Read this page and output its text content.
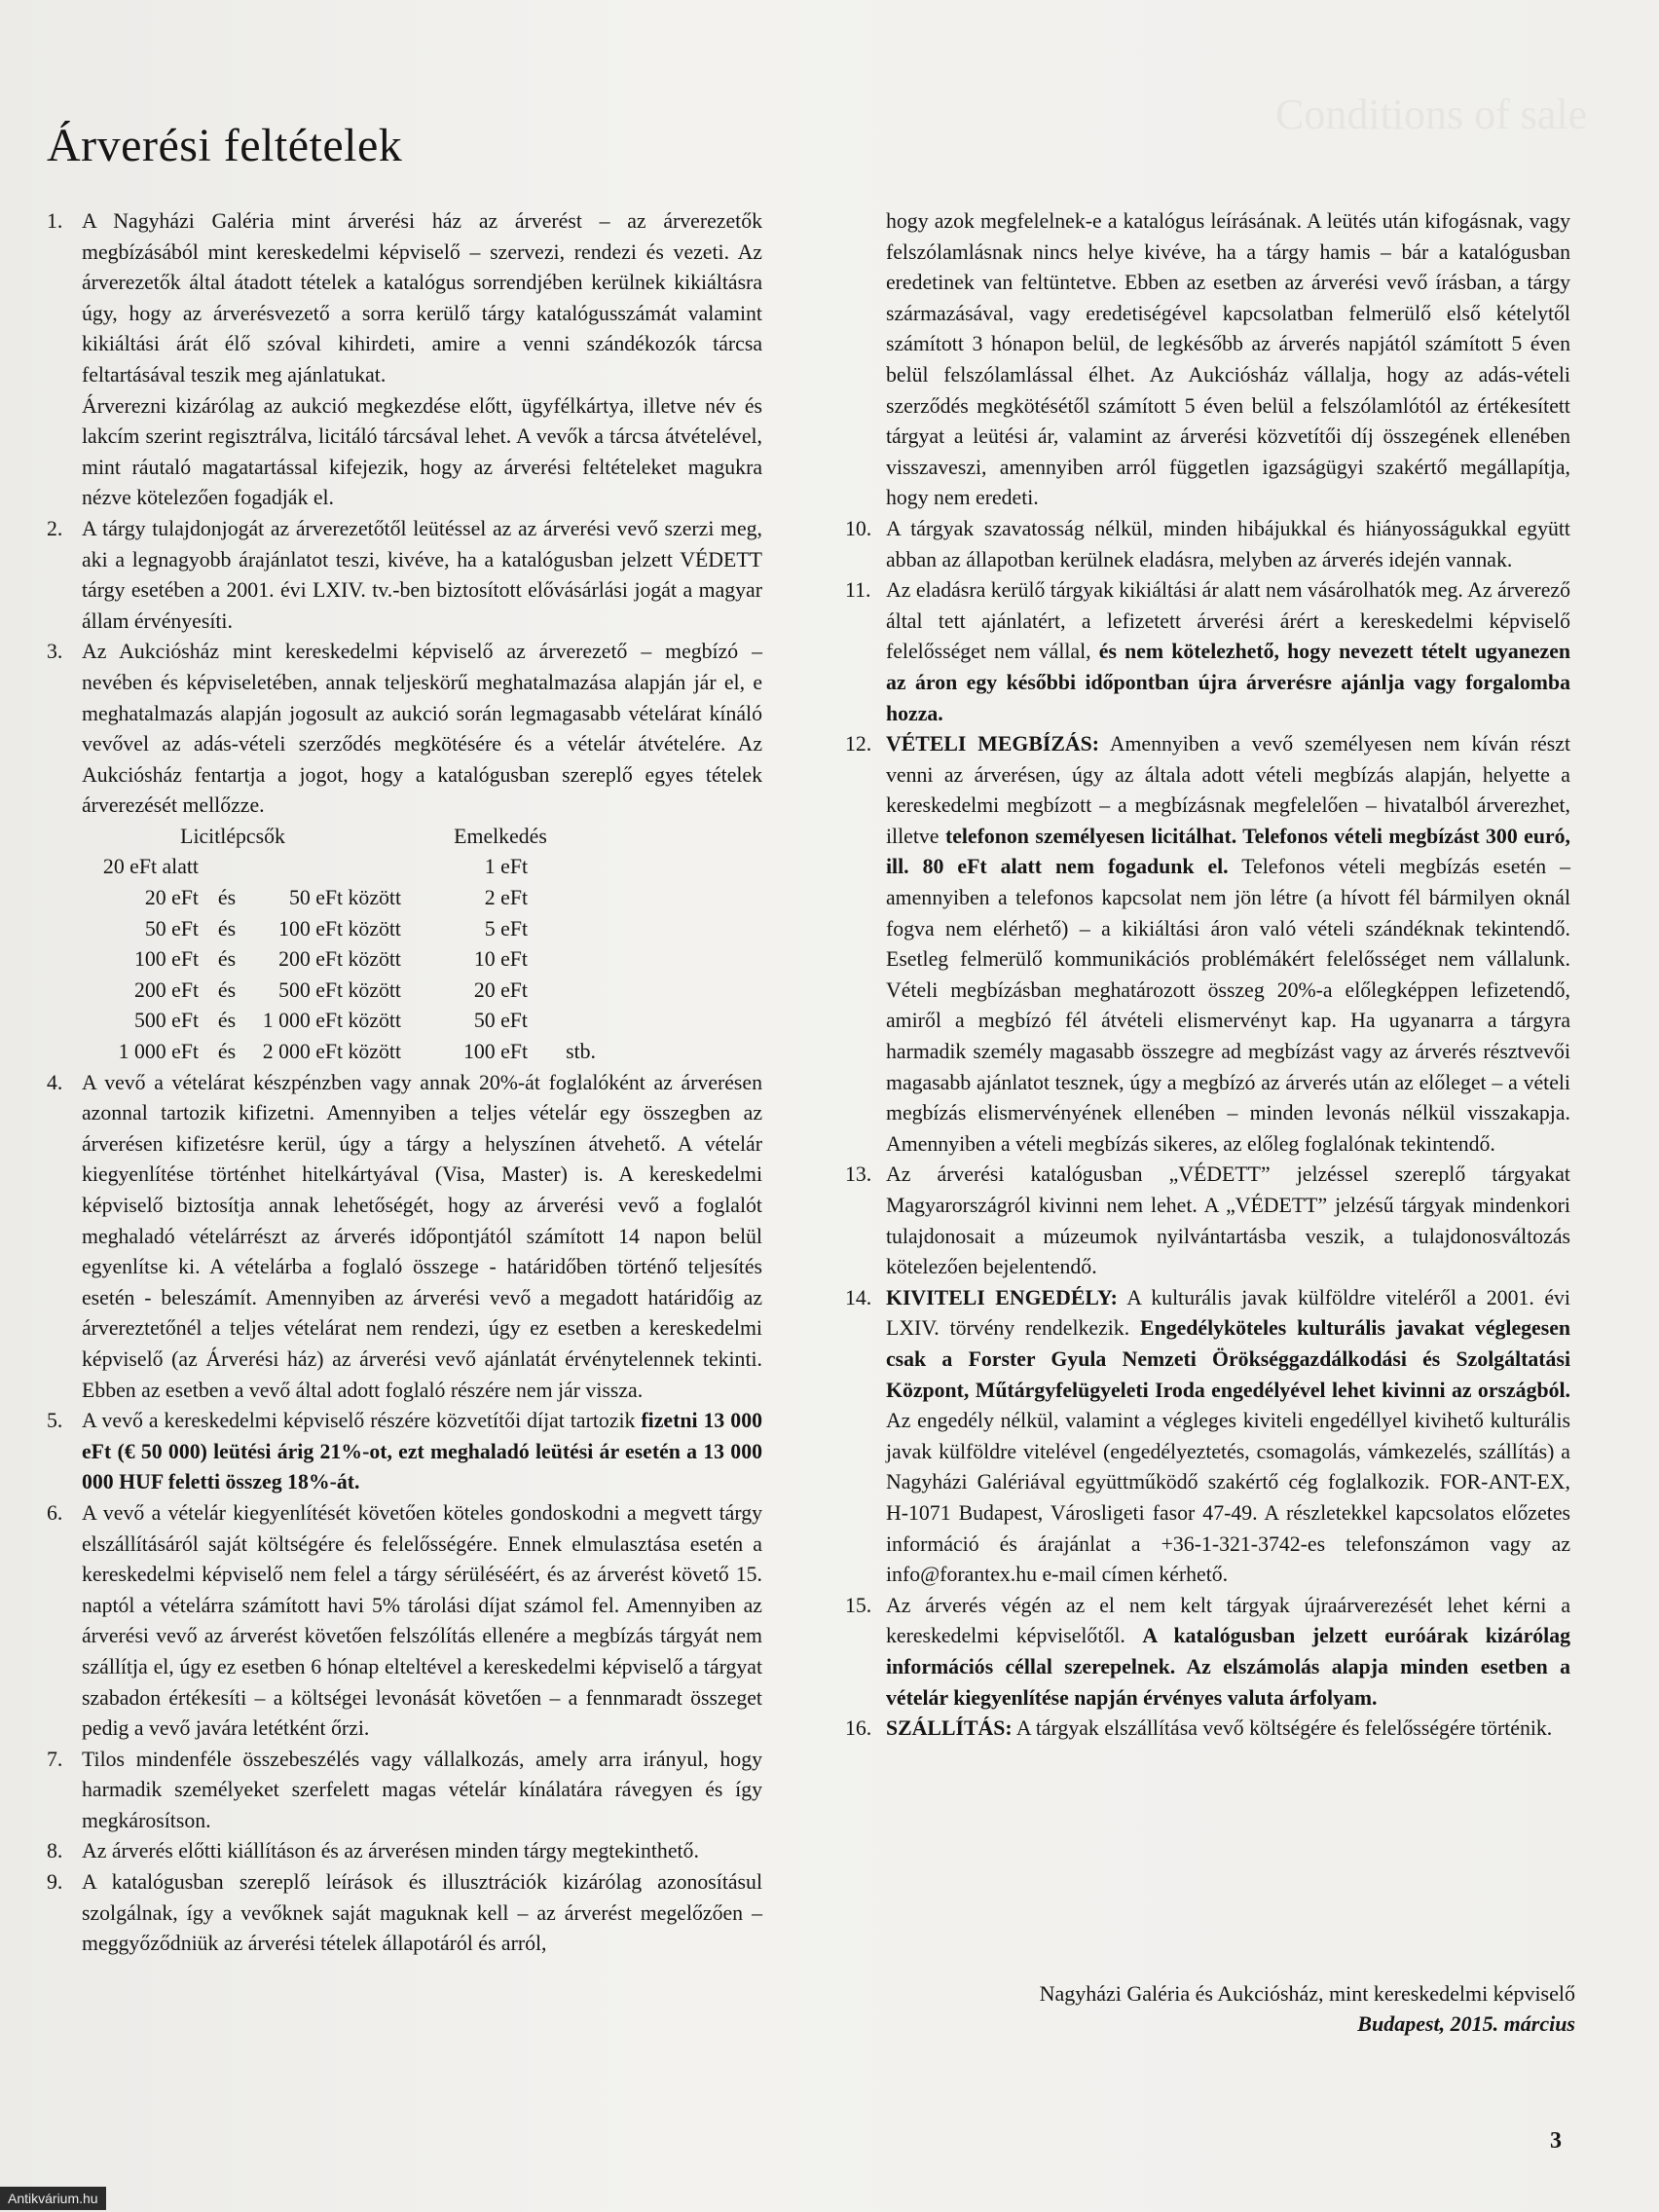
Conditions of sale
Árverési feltételek
1. A Nagyházi Galéria mint árverési ház az árverést – az árverezetők megbízásából mint kereskedelmi képviselő – szervezi, rendezi és vezeti. Az árverezetők által átadott tételek a katalógus sorrendjében kerülnek kikiáltásra úgy, hogy az árverésvezető a sorra kerülő tárgy katalógusszámát valamint kikiáltási árát élő szóval kihirdeti, amire a venni szándékozók tárcsa feltartásával teszik meg ajánlatukat.
Árverezni kizárólag az aukció megkezdése előtt, ügyfélkártya, illetve név és lakcím szerint regisztrálva, licitáló tárcsával lehet. A vevők a tárcsa átvételével, mint ráutaló magatartással kifejezik, hogy az árverési feltételeket magukra nézve kötelezően fogadják el.
2. A tárgy tulajdonjogát az árverezetőtől leütéssel az az árverési vevő szerzi meg, aki a legnagyobb árajánlatot teszi, kivéve, ha a katalógusban jelzett VÉDETT tárgy esetében a 2001. évi LXIV. tv.-ben biztosított elővásárlási jogát a magyar állam érvényesíti.
3. Az Aukciósház mint kereskedelmi képviselő az árverezető – megbízó – nevében és képviseletében, annak teljeskörű meghatalmazása alapján jár el, e meghatalmazás alapján jogosult az aukció során legmagasabb vételárat kínáló vevővel az adás-vételi szerződés megkötésére és a vételár átvételére. Az Aukciósház fentartja a jogot, hogy a katalógusban szereplő egyes tételek árverezését mellőzze.
Licitlépcsők	Emelkedés
20 eFt alatt	1 eFt
20 eFt és	50 eFt között	2 eFt
50 eFt és	100 eFt között	5 eFt
100 eFt és	200 eFt között	10 eFt
200 eFt és	500 eFt között	20 eFt
500 eFt és	1 000 eFt között	50 eFt
1 000 eFt és	2 000 eFt között	100 eFt	stb.
4. A vevő a vételárat készpénzben vagy annak 20%-át foglalóként az árverésen azonnal tartozik kifizetni. Amennyiben a teljes vételár egy összegben az árverésen kifizetésre kerül, úgy a tárgy a helyszínen átvehető. A vételár kiegyenlítése történhet hitelkártyával (Visa, Master) is. A kereskedelmi képviselő biztosítja annak lehetőségét, hogy az árverési vevő a foglalót meghaladó vételárrészt az árverés időpontjától számított 14 napon belül egyenlítse ki. A vételárba a foglaló összege - határidőben történő teljesítés esetén - beleszámít. Amennyiben az árverési vevő a megadott határidőig az árvereztetőnél a teljes vételárat nem rendezi, úgy ez esetben a kereskedelmi képviselő (az Árverési ház) az árverési vevő ajánlatát érvénytelennek tekinti. Ebben az esetben a vevő által adott foglaló részére nem jár vissza.
5. A vevő a kereskedelmi képviselő részére közvetítői díjat tartozik fizetni 13 000 eFt (€ 50 000) leütési árig 21%-ot, ezt meghaladó leütési ár esetén a 13 000 000 HUF feletti összeg 18%-át.
6. A vevő a vételár kiegyenlítését követően köteles gondoskodni a megvett tárgy elszállításáról saját költségére és felelősségére. Ennek elmulasztása esetén a kereskedelmi képviselő nem felel a tárgy sérüléséért, és az árverést követő 15. naptól a vételárra számított havi 5% tárolási díjat számol fel. Amennyiben az árverési vevő az árverést követően felszólítás ellenére a megbízás tárgyát nem szállítja el, úgy ez esetben 6 hónap elteltével a kereskedelmi képviselő a tárgyat szabadon értékesíti – a költségei levonását követően – a fennmaradt összeget pedig a vevő javára letétként őrzi.
7. Tilos mindenféle összebeszélés vagy vállalkozás, amely arra irányul, hogy harmadik személyeket szerfelett magas vételár kínálatára rávegyen és így megkárosítson.
8. Az árverés előtti kiállításon és az árverésen minden tárgy megtekinthető.
9. A katalógusban szereplő leírások és illusztrációk kizárólag azonosításul szolgálnak, így a vevőknek saját maguknak kell – az árverést megelőzően – meggyőződniük az árverési tételek állapotáról és arról,
hogy azok megfelelnek-e a katalógus leírásának. A leütés után kifogásnak, vagy felszólamlásnak nincs helye kivéve, ha a tárgy hamis – bár a katalógusban eredetinek van feltüntetve. Ebben az esetben az árverési vevő írásban, a tárgy származásával, vagy eredetiségével kapcsolatban felmerülő első kételytől számított 3 hónapon belül, de legkésőbb az árverés napjától számított 5 éven belül felszólamlással élhet. Az Aukciósház vállalja, hogy az adás-vételi szerződés megkötésétől számított 5 éven belül a felszólamlótól az értékesített tárgyat a leütési ár, valamint az árverési közvetítői díj összegének ellenében visszaveszi, amennyiben arról független igazságügyi szakértő megállapítja, hogy nem eredeti.
10. A tárgyak szavatosság nélkül, minden hibájukkal és hiányosságukkal együtt abban az állapotban kerülnek eladásra, melyben az árverés idején vannak.
11. Az eladásra kerülő tárgyak kikiáltási ár alatt nem vásárolhatók meg. Az árverező által tett ajánlatért, a lefizetett árverési árért a kereskedelmi képviselő felelősséget nem vállal, és nem kötelezhető, hogy nevezett tételt ugyanezen az áron egy későbbi időpontban újra árverésre ajánlja vagy forgalomba hozza.
12. VÉTELI MEGBÍZÁS: Amennyiben a vevő személyesen nem kíván részt venni az árverésen, úgy az általa adott vételi megbízás alapján, helyette a kereskedelmi megbízott – a megbízásnak megfelelően – hivatalból árverezhet, illetve telefonon személyesen licitálhat. Telefonos vételi megbízást 300 euró, ill. 80 eFt alatt nem fogadunk el. Telefonos vételi megbízás esetén – amennyiben a telefonos kapcsolat nem jön létre (a hívott fél bármilyen oknál fogva nem elérhető) – a kikiáltási áron való vételi szándéknak tekintendő. Esetleg felmerülő kommunikációs problémákért felelősséget nem vállalunk. Vételi megbízásban meghatározott összeg 20%-a előlegképpen lefizetendő, amiről a megbízó fél átvételi elismervényt kap. Ha ugyanarra a tárgyra harmadik személy magasabb összegre ad megbízást vagy az árverés résztvevői magasabb ajánlatot tesznek, úgy a megbízó az árverés után az előleget – a vételi megbízás elismervényének ellenében – minden levonás nélkül visszakapja. Amennyiben a vételi megbízás sikeres, az előleg foglalónak tekintendő.
13. Az árverési katalógusban „VÉDETT” jelzéssel szereplő tárgyakat Magyarországról kivinni nem lehet. A „VÉDETT” jelzésű tárgyak mindenkori tulajdonosait a múzeumok nyilvántartásba veszik, a tulajdonosváltozás kötelezően bejelentendő.
14. KIVITELI ENGEDÉLY: A kulturális javak külföldre viteléről a 2001. évi LXIV. törvény rendelkezik. Engedélyköteles kulturális javakat véglegesen csak a Forster Gyula Nemzeti Örökséggazdálkodási és Szolgáltatási Központ, Műtárgyfelügyeleti Iroda engedélyével lehet kivinni az országból. Az engedély nélkül, valamint a végleges kiviteli engedéllyel kivihető kulturális javak külföldre vitelével (engedélyeztetés, csomagolás, vámkezelés, szállítás) a Nagyházi Galériával együttműködő szakértő cég foglalkozik. FOR-ANT-EX, H-1071 Budapest, Városligeti fasor 47-49. A részletekkel kapcsolatos előzetes információ és árajánlat a +36-1-321-3742-es telefonszámon vagy az info@forantex.hu e-mail címen kérhető.
15. Az árverés végén az el nem kelt tárgyak újraárverezését lehet kérni a kereskedelmi képviselőtől. A katalógusban jelzett euróárak kizárólag információs céllal szerepelnek. Az elszámolás alapja minden esetben a vételár kiegyenlítése napján érvényes valuta árfolyam.
16. SZÁLLÍTÁS: A tárgyak elszállítása vevő költségére és felelősségére történik.
Nagyházi Galéria és Aukciósház, mint kereskedelmi képviselő
Budapest, 2015. március
3
Antikvárium.hu
